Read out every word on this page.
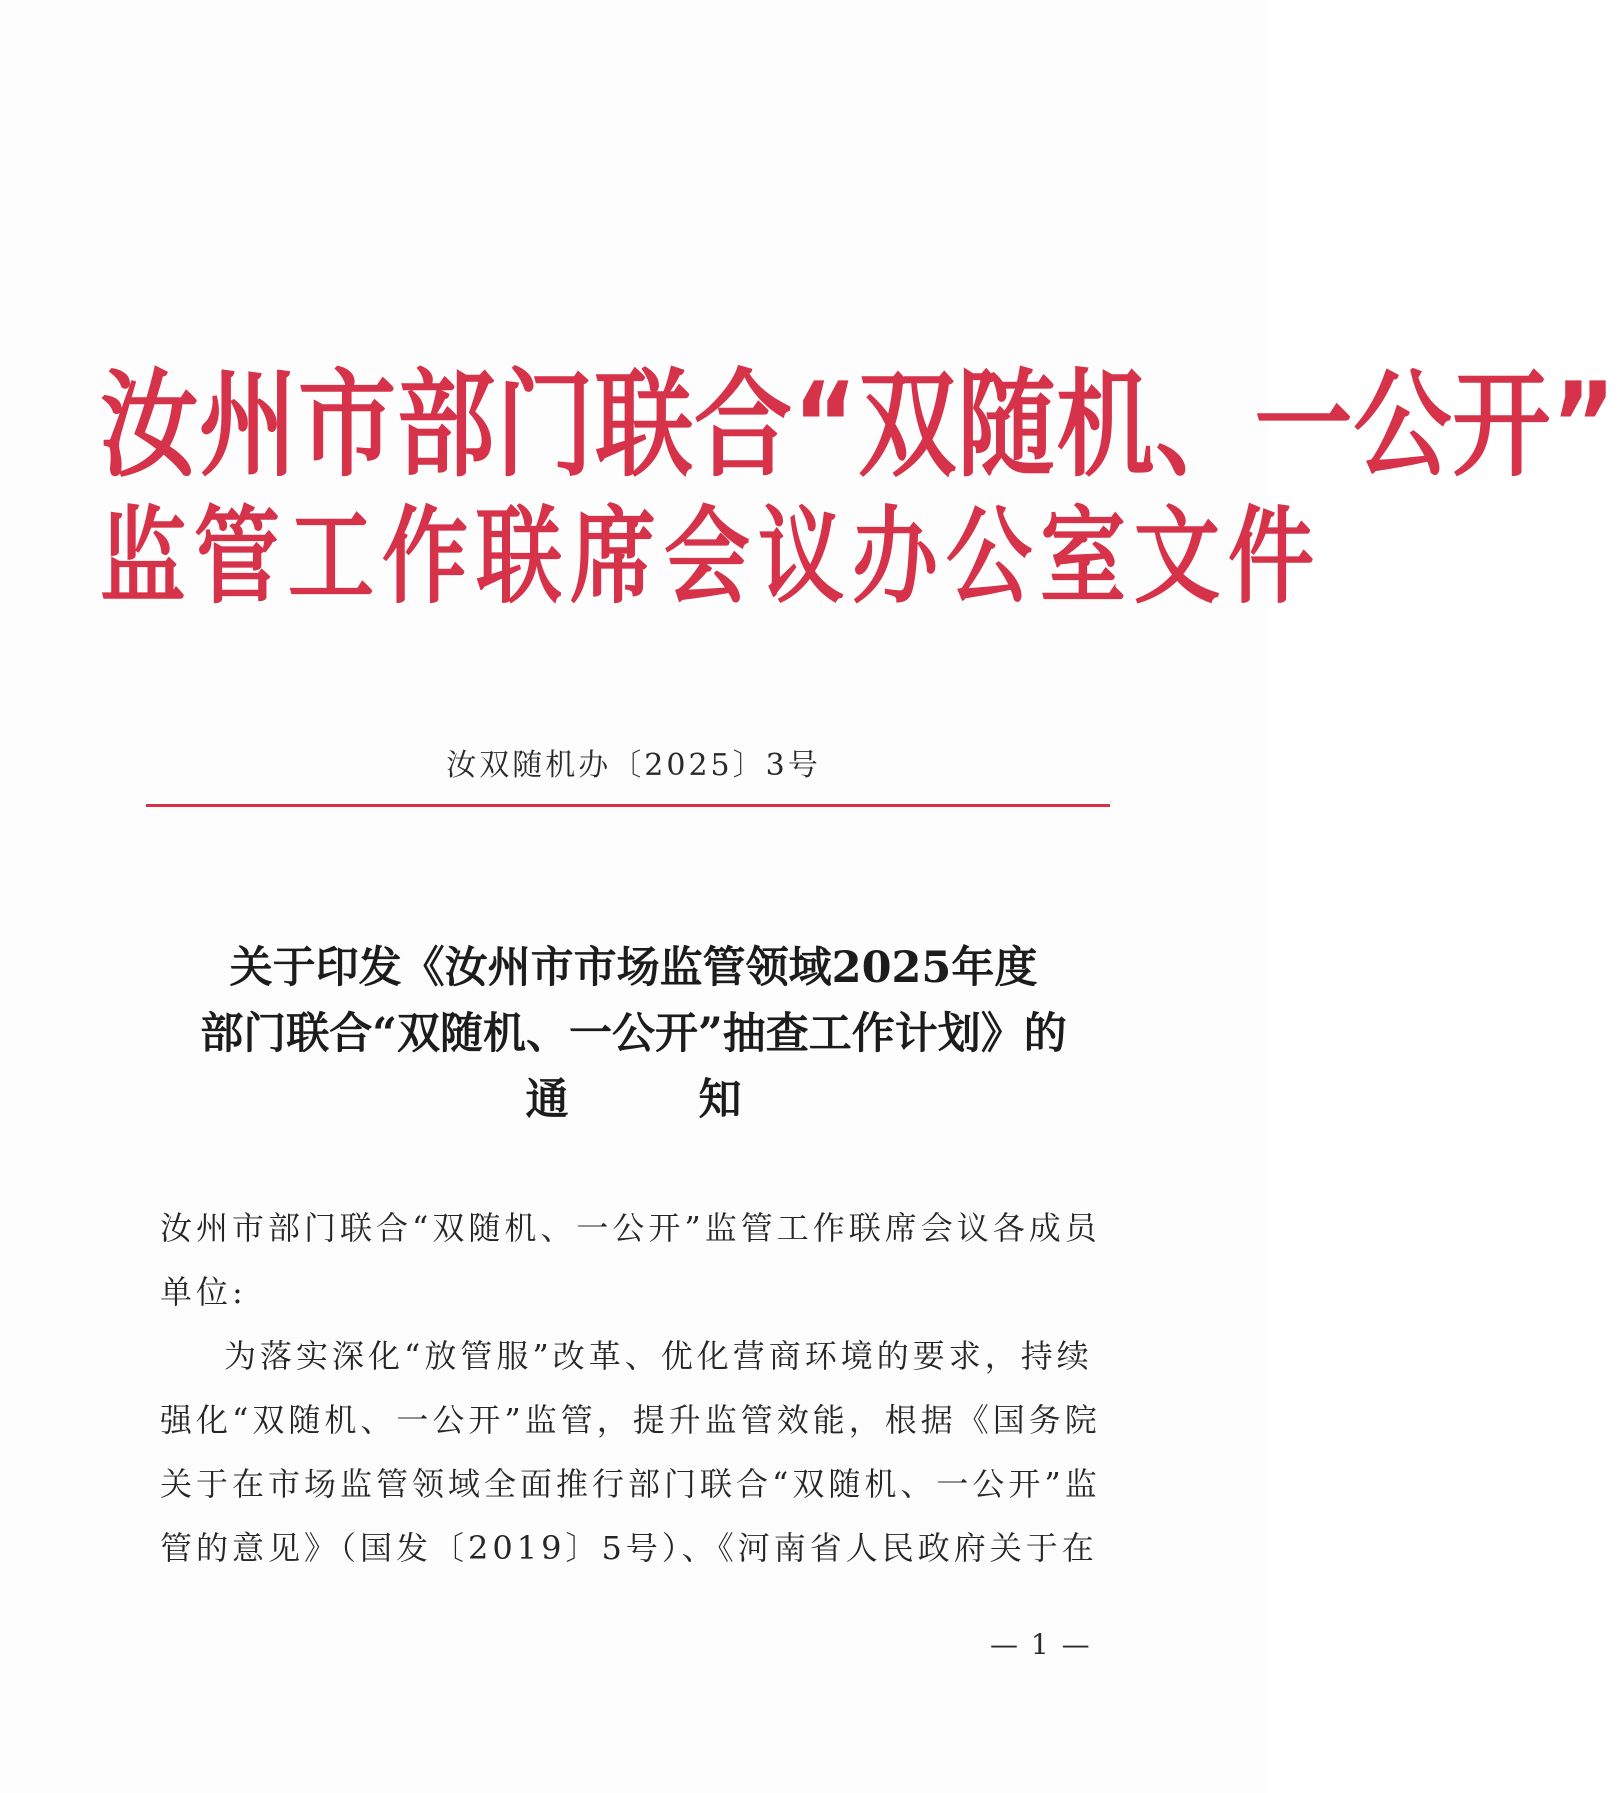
汝州市部门联合“双随机、一公开”
监管工作联席会议办公室文件
汝双随机办〔2025〕3号
关于印发《汝州市市场监管领域2025年度
部门联合“双随机、一公开”抽查工作计划》的
通	知
汝州市部门联合“双随机、一公开”监管工作联席会议各成员
单位:
为落实深化“放管服”改革、优化营商环境的要求，持续
强化“双随机、一公开”监管，提升监管效能，根据《国务院
关于在市场监管领域全面推行部门联合“双随机、一公开”监
管的意见》（国发〔2019〕5号）、《河南省人民政府关于在
— 1 —
